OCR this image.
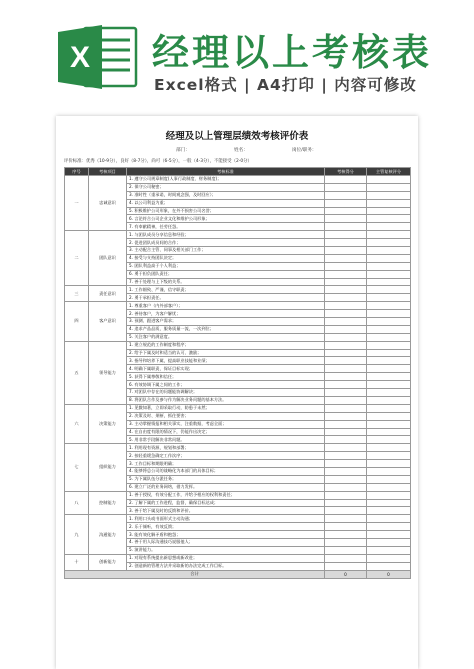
X 经理以上考核表
Excel格式 | A4打印 | 内容可修改
经理及以上管理层绩效考核评价表
部门：	姓名：	岗位/职务：
评价标准：优秀（10-9分），良好（8-7分），尚可（6-5分），一般（4-3分），不能接受（2-0分）
序号	考核项目	考核标准	考核得分	主管复核评分
一	忠诚意识	1. 遵守公司规章制度(人事行政制度、财务制度)；		
		2. 保守公司秘密；		
		3. 准时性（重承诺，时间观念强，及时回应）；		
		4. 以公司利益为重；		
		5. 积极维护公司形象，在外不损害公司名誉；		
		6. 言论符合公司企业文化和维护公司形象；		
		7. 有奉献精神，任劳任怨。		
二	团队意识	1. 与团队成员分享信息和经验；		
		2. 促进团队成员间的合作；		
		3. 主动配合主管、同事及相关部门工作；		
		4. 接受与支持团队决定；		
		5. 团队利益高于个人利益；		
		6. 勇于担负团队责任；		
		7. 善于处理与上下级的关系。		
三	责任意识	1. 工作细致、严谨，信守职责；		
		2. 勇于承担责任。		
四	客户意识	1. 尊重客户（内外部客户）；		
		2. 善待客户，为客户解忧；		
		3. 预测、跟进客户需求；		
		4. 追求产品品质，服务质量一流，一次到位；		
		5. 关注客户的满意度。		
五	领导能力	1. 建立规范的工作制度和程序；		
		2. 给予下属及时和适当的认可、激励；		
		3. 指导和培养下属，提高职业技能和业绩；		
		4. 明确下属职责，保证目标实现；		
		5. 获得下属尊敬和信任；		
		6. 有效协调下属之间的工作；		
		7. 对团队中存在的问题能协调解决；		
		8. 将团队合作及参与作为解决业务问题的基本方法。		
六	决策能力	1. 见微知著，立即采取行动，防患于未然；		
		2. 决策及时、果断，抓住要害；		
		3. 主动掌握情报和相关事实，注重数据，考虑全面；		
		4. 在自由度有限的情况下，仍能作出决定；		
		5. 用非常手段解决非常问题。		
七	组织能力	1. 利用现有资源，规划和部署；		
		2. 按轻重缓急确定工作次序；		
		3. 工作目标和期限明确；		
		4. 能够将总公司的战略化为本部门的具体目标；		
		5. 为下属队伍分派任务；		
		6. 建立广泛的业务网络，借力发挥。		
八	控制能力	1. 善于授权，有效分配工作，并给予相应的权利和责任；		
		2. 了解下属的工作进程，监督，确保目标达成；		
		3. 善于给下属及时的反馈和评价。		
九	沟通能力	1. 利用口头或书面形式主动沟通；		
		2. 乐于倾听，有效反馈；		
		3. 能有效化解矛盾和抱怨；		
		4. 善于用人际沟通技巧说服他人；		
		5. 演讲能力。		
十	创新能力	1. 对现有系统提出新思想或新改进；		
		2. 创造新的管理方法并采取新的办法完成工作目标。		
合计			0	0
